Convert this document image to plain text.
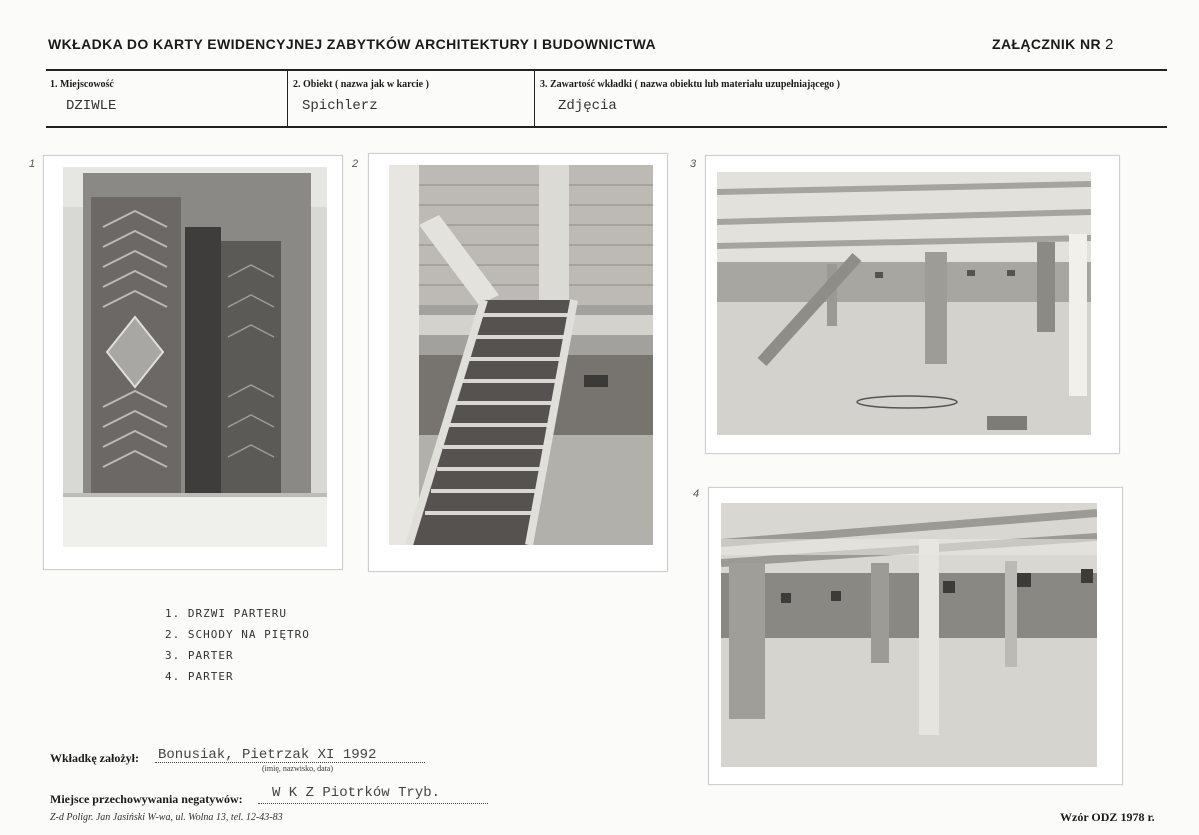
WKŁADKA DO KARTY EWIDENCYJNEJ ZABYTKÓW ARCHITEKTURY I BUDOWNICTWA	ZAŁĄCZNIK NR 2
1. Miejscowość
DZIWLE
2. Obiekt ( nazwa jak w karcie )
Spichlerz
3. Zawartość wkładki ( nazwa obiektu lub materiału uzupełniającego )
Zdjęcia
1	2	3
4
1. DRZWI PARTERU
2. SCHODY NA PIĘTRO
3. PARTER
4. PARTER
Wkładkę założył: Bonusiak, Pietrzak XI 1992
(imię, nazwisko, data)
Miejsce przechowywania negatywów: W K Z Piotrków Tryb.
Z-d Poligr. Jan Jasiński W-wa, ul. Wolna 13, tel. 12-43-83	Wzór ODZ 1978 r.
